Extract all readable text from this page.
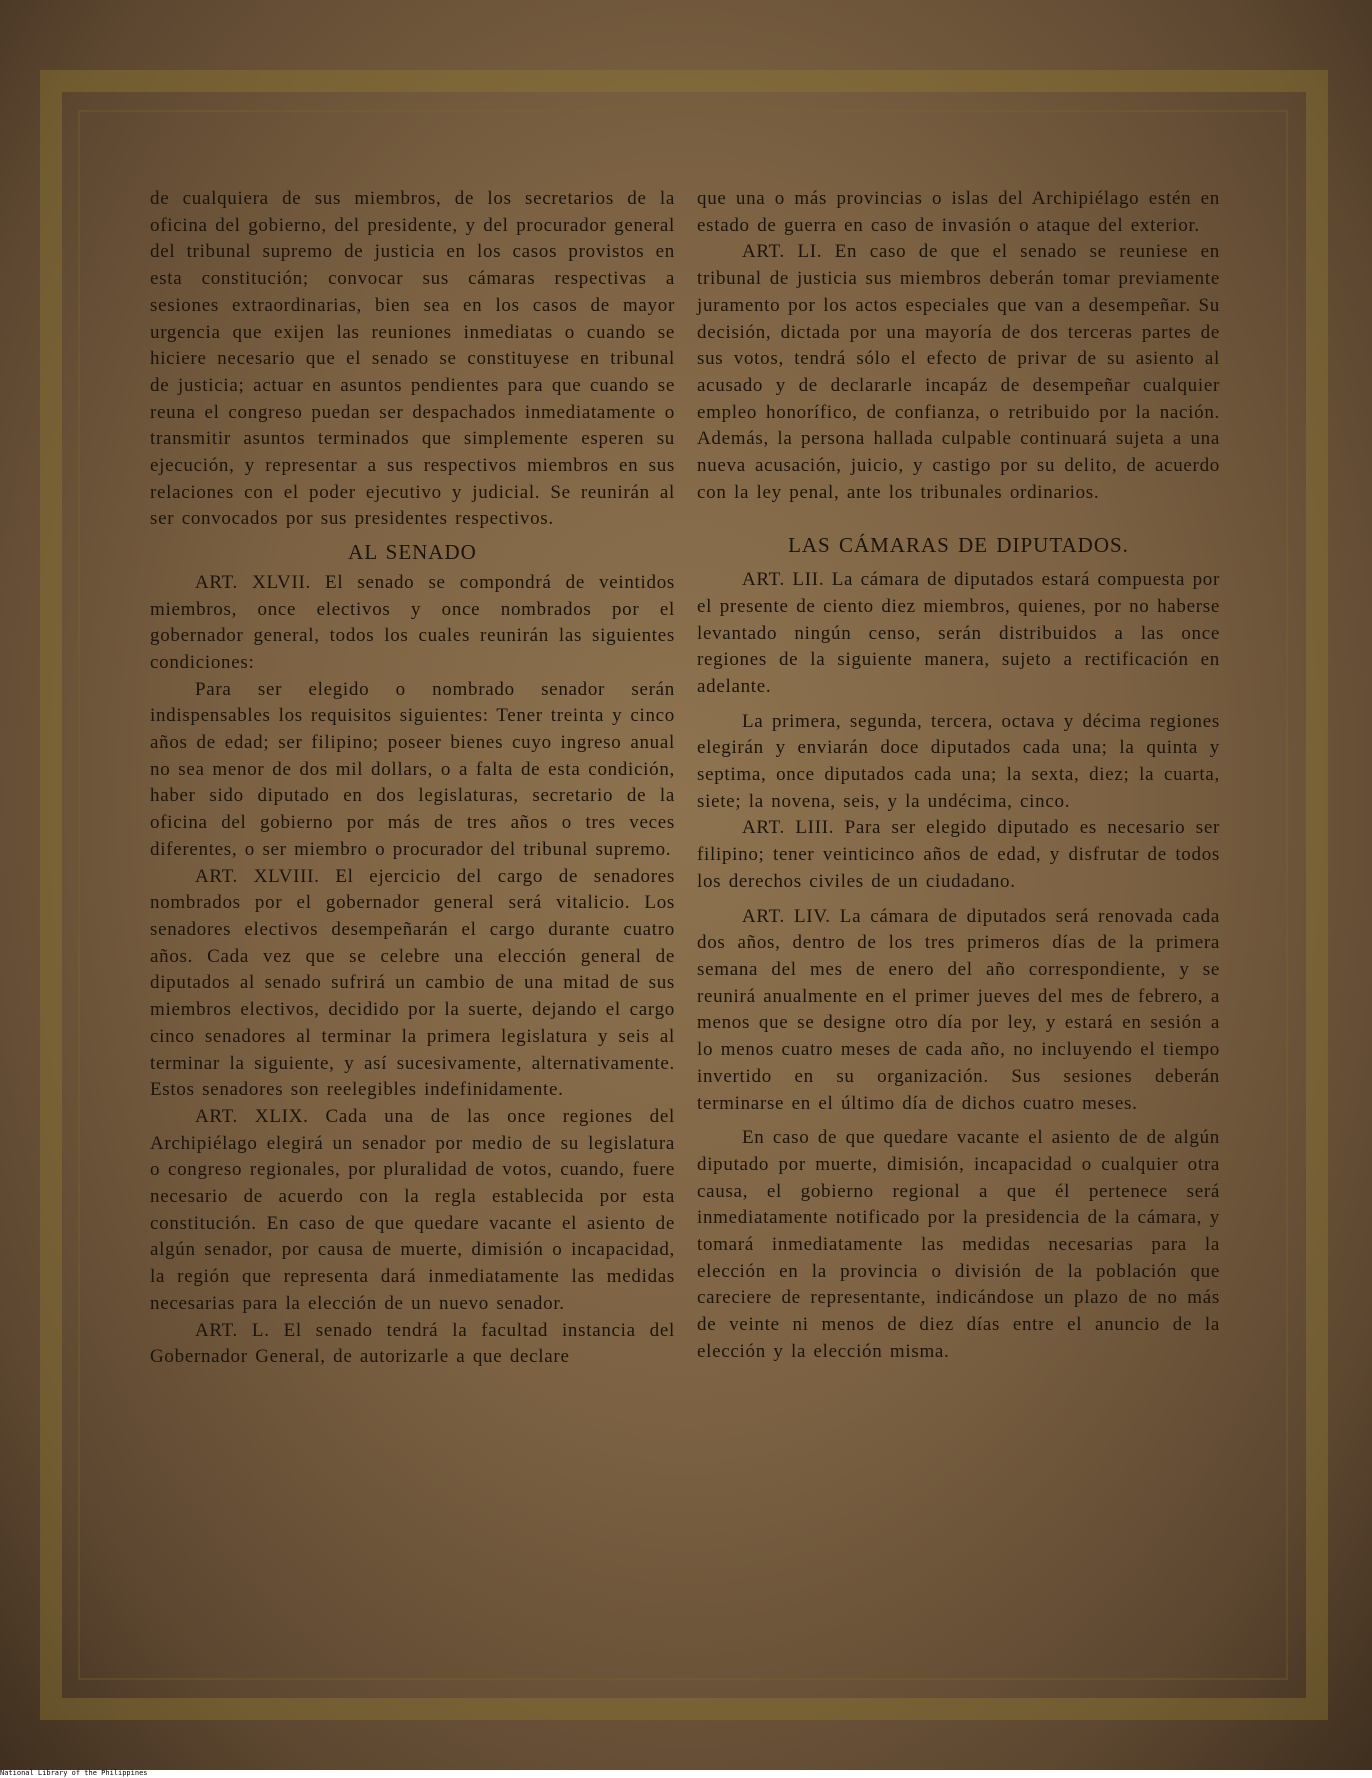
de cualquiera de sus miembros, de los secretarios de la oficina del gobierno, del presidente, y del procurador general del tribunal supremo de justicia en los casos provistos en esta constitución; convocar sus cámaras respectivas a sesiones extraordinarias, bien sea en los casos de mayor urgencia que exijen las reuniones inmediatas o cuando se hiciere necesario que el senado se constituyese en tribunal de justicia; actuar en asuntos pendientes para que cuando se reuna el congreso puedan ser despachados inmediatamente o transmitir asuntos terminados que simplemente esperen su ejecución, y representar a sus respectivos miembros en sus relaciones con el poder ejecutivo y judicial. Se reunirán al ser convocados por sus presidentes respectivos.

AL SENADO

ART. XLVII. El senado se compondrá de veintidos miembros, once electivos y once nombrados por el gobernador general, todos los cuales reunirán las siguientes condiciones:

Para ser elegido o nombrado senador serán indispensables los requisitos siguientes: Tener treinta y cinco años de edad; ser filipino; poseer bienes cuyo ingreso anual no sea menor de dos mil dollars, o a falta de esta condición, haber sido diputado en dos legislaturas, secretario de la oficina del gobierno por más de tres años o tres veces diferentes, o ser miembro o procurador del tribunal supremo.

ART. XLVIII. El ejercicio del cargo de senadores nombrados por el gobernador general será vitalicio. Los senadores electivos desempeñarán el cargo durante cuatro años. Cada vez que se celebre una elección general de diputados al senado sufrirá un cambio de una mitad de sus miembros electivos, decidido por la suerte, dejando el cargo cinco senadores al terminar la primera legislatura y seis al terminar la siguiente, y así sucesivamente, alternativamente. Estos senadores son reelegibles indefinidamente.

ART. XLIX. Cada una de las once regiones del Archipiélago elegirá un senador por medio de su legislatura o congreso regionales, por pluralidad de votos, cuando, fuere necesario de acuerdo con la regla establecida por esta constitución. En caso de que quedare vacante el asiento de algún senador, por causa de muerte, dimisión o incapacidad, la región que representa dará inmediatamente las medidas necesarias para la elección de un nuevo senador.

ART. L. El senado tendrá la facultad instancia del Gobernador General, de autorizarle a que declare

que una o más provincias o islas del Archipiélago estén en estado de guerra en caso de invasión o ataque del exterior.

ART. LI. En caso de que el senado se reuniese en tribunal de justicia sus miembros deberán tomar previamente juramento por los actos especiales que van a desempeñar. Su decisión, dictada por una mayoría de dos terceras partes de sus votos, tendrá sólo el efecto de privar de su asiento al acusado y de declararle incapáz de desempeñar cualquier empleo honorífico, de confianza, o retribuido por la nación. Además, la persona hallada culpable continuará sujeta a una nueva acusación, juicio, y castigo por su delito, de acuerdo con la ley penal, ante los tribunales ordinarios.

LAS CÁMARAS DE DIPUTADOS.

ART. LII. La cámara de diputados estará compuesta por el presente de ciento diez miembros, quienes, por no haberse levantado ningún censo, serán distribuidos a las once regiones de la siguiente manera, sujeto a rectificación en adelante.

La primera, segunda, tercera, octava y décima regiones elegirán y enviarán doce diputados cada una; la quinta y septima, once diputados cada una; la sexta, diez; la cuarta, siete; la novena, seis, y la undécima, cinco.

ART. LIII. Para ser elegido diputado es necesario ser filipino; tener veinticinco años de edad, y disfrutar de todos los derechos civiles de un ciudadano.

ART. LIV. La cámara de diputados será renovada cada dos años, dentro de los tres primeros días de la primera semana del mes de enero del año correspondiente, y se reunirá anualmente en el primer jueves del mes de febrero, a menos que se designe otro día por ley, y estará en sesión a lo menos cuatro meses de cada año, no incluyendo el tiempo invertido en su organización. Sus sesiones deberán terminarse en el último día de dichos cuatro meses.

En caso de que quedare vacante el asiento de de algún diputado por muerte, dimisión, incapacidad o cualquier otra causa, el gobierno regional a que él pertenece será inmediatamente notificado por la presidencia de la cámara, y tomará inmediatamente las medidas necesarias para la elección en la provincia o división de la población que careciere de representante, indicándose un plazo de no más de veinte ni menos de diez días entre el anuncio de la elección y la elección misma.

National Library of the Philippines
